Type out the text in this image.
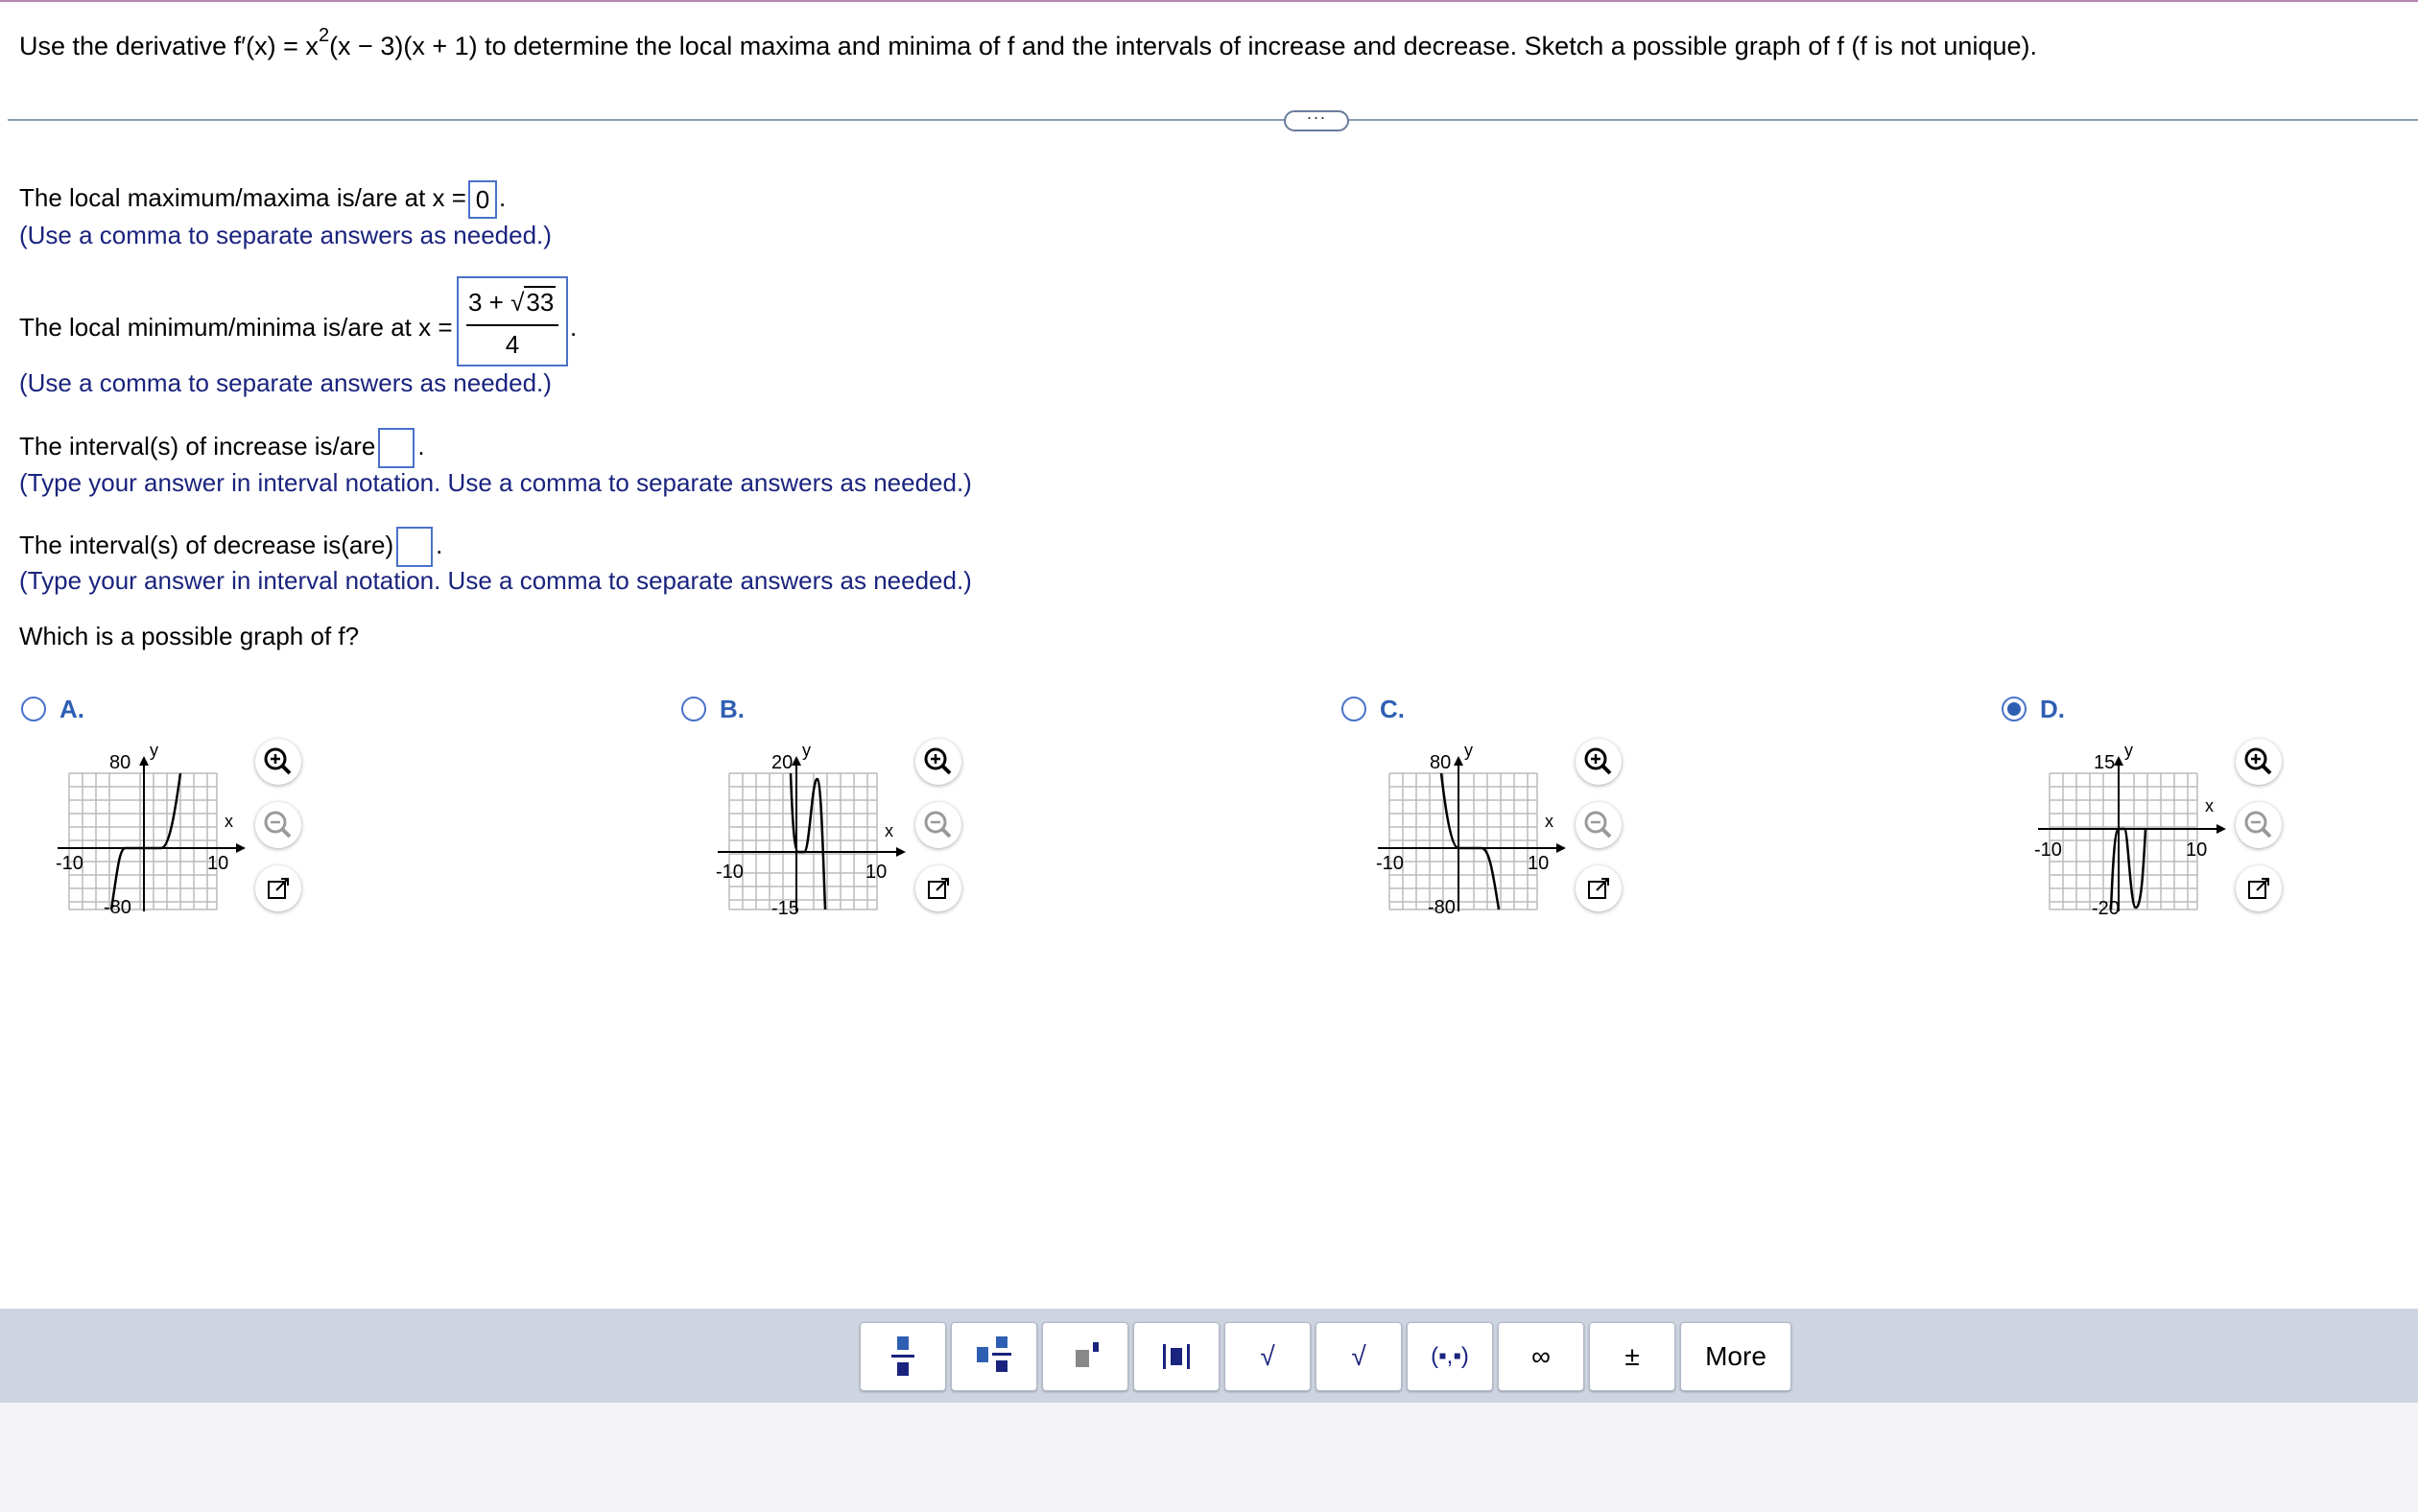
Use the derivative $f'(x) = x^2(x - 3)(x + 1)$ to determine the local maxima and minima of f and the intervals of increase and decrease. Sketch a possible graph of f (f is not unique).
···
The local maximum/maxima is/are at x = 0 .
(Use a comma to separate answers as needed.)
The local minimum/minima is/are at x =
3 + √33
4
.
(Use a comma to separate answers as needed.)
The interval(s) of increase is/are .
(Type your answer in interval notation. Use a comma to separate answers as needed.)
The interval(s) of decrease is(are) .
(Type your answer in interval notation. Use a comma to separate answers as needed.)
Which is a possible graph of f?
A.	B.	C.	D.
80
-80
-10	10
x
y
20
-15
-10	10
x
y
80
-80
-10	10
x
y
15
-20
-10	10
x
y
√	√	(▪,▪)	∞	±	More
